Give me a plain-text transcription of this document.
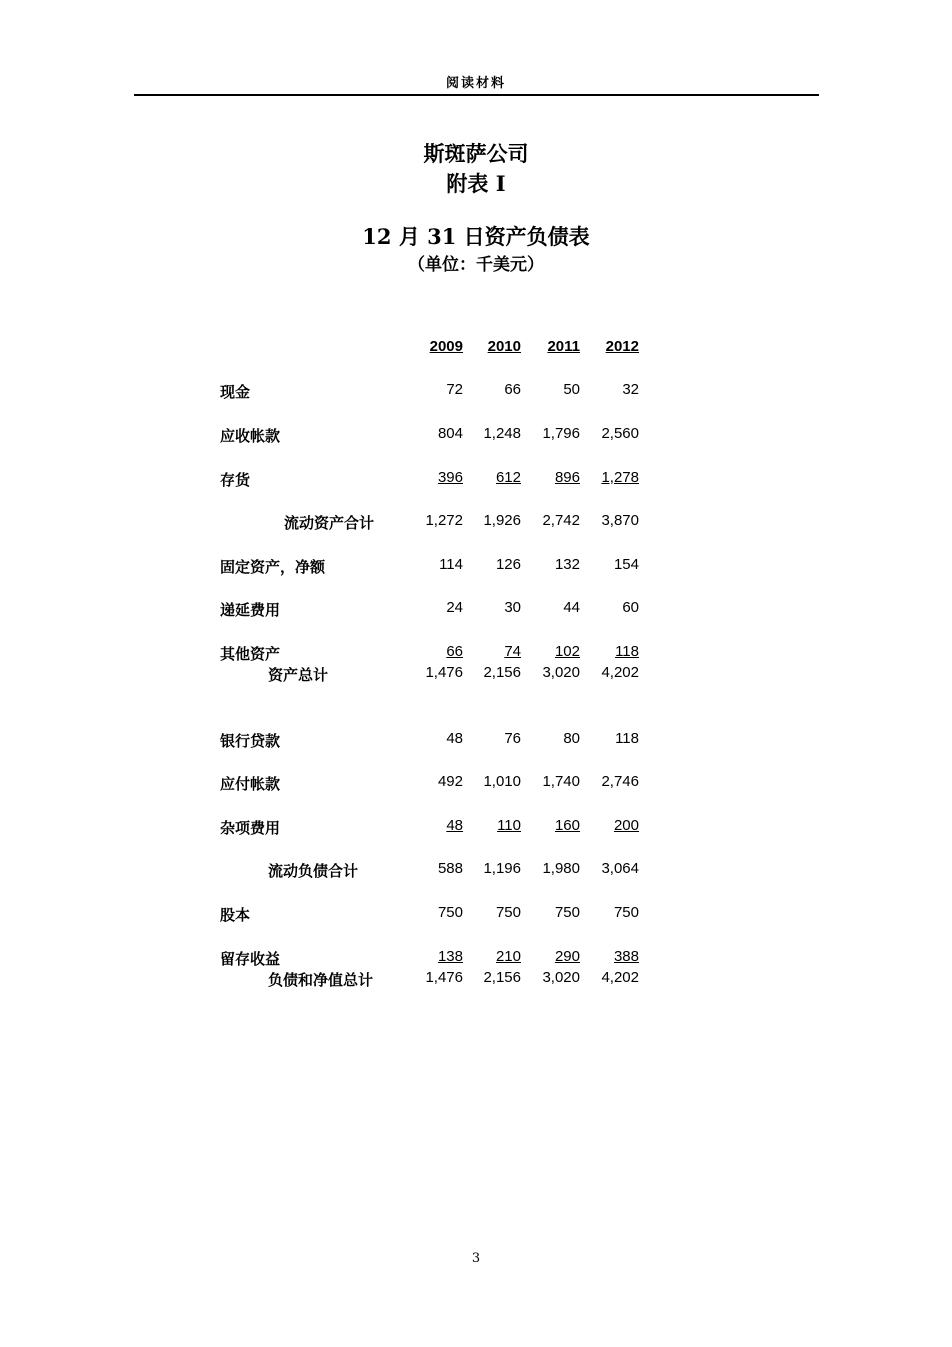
阅读材料
斯斑萨公司
附表 I
12 月 31 日资产负债表
（单位：千美元）
2009	2010	2011	2012
现金	72	66	50	32
应收帐款	804	1,248	1,796	2,560
存货	396	612	896	1,278
流动资产合计	1,272	1,926	2,742	3,870
固定资产，净额	114	126	132	154
递延费用	24	30	44	60
其他资产	66	74	102	118
资产总计	1,476	2,156	3,020	4,202
银行贷款	48	76	80	118
应付帐款	492	1,010	1,740	2,746
杂项费用	48	110	160	200
流动负债合计	588	1,196	1,980	3,064
股本	750	750	750	750
留存收益	138	210	290	388
负债和净值总计	1,476	2,156	3,020	4,202
3
